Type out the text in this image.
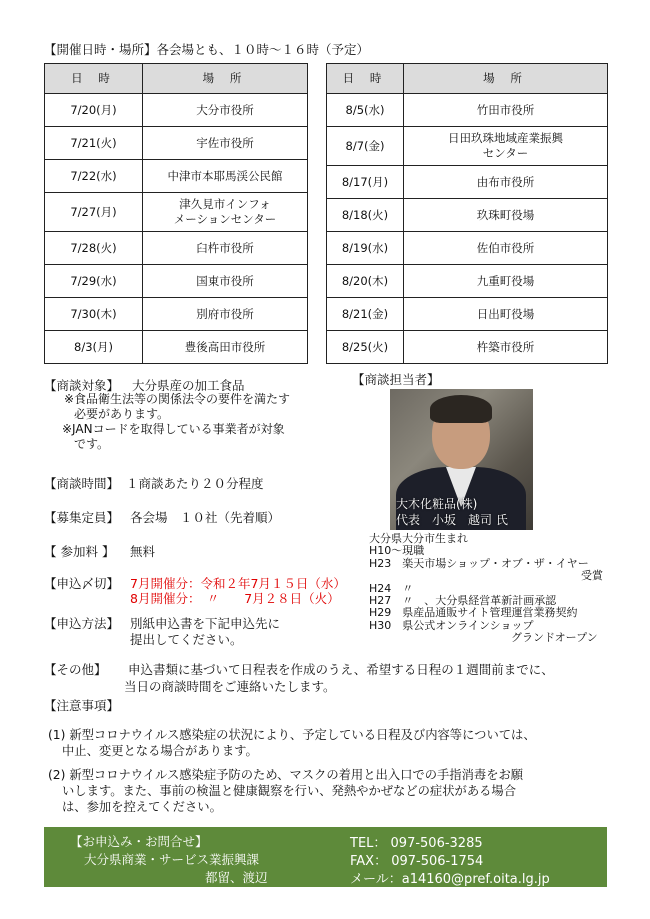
【開催日時・場所】各会場とも、１０時～１６時（予定）
日 時	場 所
7/20(月)	大分市役所
7/21(火)	宇佐市役所
7/22(水)	中津市本耶馬渓公民館
7/27(月)	津久見市インフォ
メーションセンター
7/28(火)	臼杵市役所
7/29(水)	国東市役所
7/30(木)	別府市役所
8/3(月)	豊後高田市役所
日 時	場 所
8/5(水)	竹田市役所
8/7(金)	日田玖珠地域産業振興
センター
8/17(月)	由布市役所
8/18(火)	玖珠町役場
8/19(水)	佐伯市役所
8/20(木)	九重町役場
8/21(金)	日出町役場
8/25(火)	杵築市役所
【商談対象】 大分県産の加工食品
※食品衛生法等の関係法令の要件を満たす
必要があります。
※JANコードを取得している事業者が対象
です。
【商談時間】 １商談あたり２０分程度
【募集定員】 各会場　１０社（先着順）
【 参加料 】 無料
【申込〆切】 7月開催分：令和２年7月１５日（水）
8月開催分：　〃　　7月２８日（火）
【申込方法】 別紙申込書を下記申込先に
提出してください。
【その他】 申込書類に基づいて日程表を作成のうえ、希望する日程の１週間前までに、
当日の商談時間をご連絡いたします。
【注意事項】
(1) 新型コロナウイルス感染症の状況により、予定している日程及び内容等については、
中止、変更となる場合があります。
(2) 新型コロナウイルス感染症予防のため、マスクの着用と出入口での手指消毒をお願
いします。また、事前の検温と健康観察を行い、発熱やかぜなどの症状がある場合
は、参加を控えてください。
【商談担当者】
大木化粧品(株)
代表　小坂　越司 氏
大分県大分市生まれ
H10～現職
H23　楽天市場ショップ・オブ・ザ・イヤー
受賞
H24　〃
H27　〃　、大分県経営革新計画承認
H29　県産品通販サイト管理運営業務契約
H30　県公式オンラインショップ
グランドオープン
【お申込み・お問合せ】
大分県商業・サービス業振興課
都留、渡辺
TEL： 097-506-3285
FAX： 097-506-1754
メール：a14160@pref.oita.lg.jp
